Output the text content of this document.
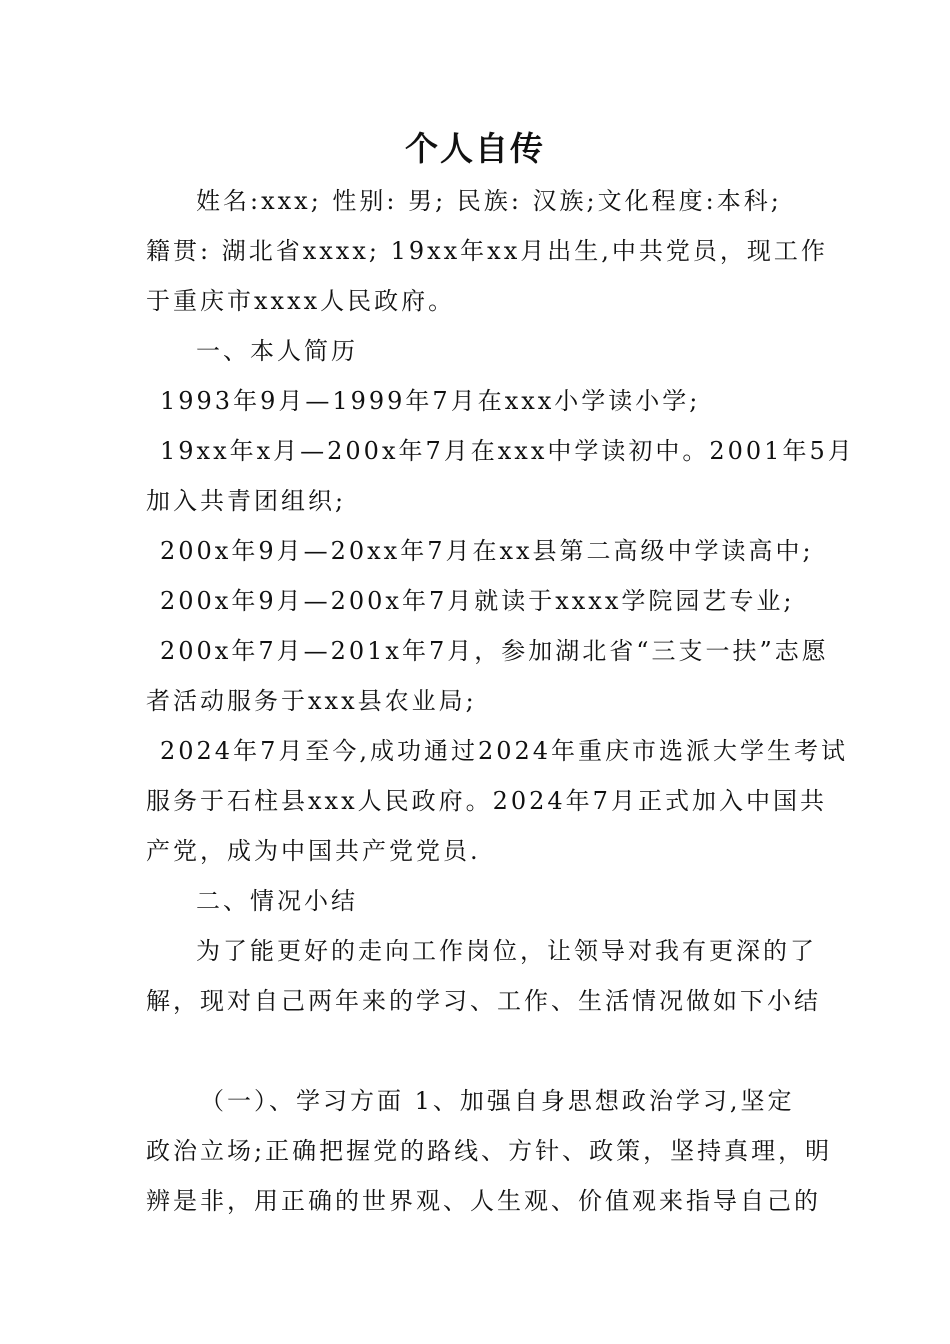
个人自传
姓名:xxx; 性别: 男; 民族: 汉族;文化程度:本科;
籍贯: 湖北省xxxx; 19xx年xx月出生,中共党员，现工作
于重庆市xxxx人民政府。
一、本人简历
1993年9月—1999年7月在xxx小学读小学;
19xx年x月—200x年7月在xxx中学读初中。2001年5月
加入共青团组织;
200x年9月—20xx年7月在xx县第二高级中学读高中;
200x年9月—200x年7月就读于xxxx学院园艺专业;
200x年7月—201x年7月，参加湖北省“三支一扶”志愿
者活动服务于xxx县农业局;
2024年7月至今,成功通过2024年重庆市选派大学生考试
服务于石柱县xxx人民政府。2024年7月正式加入中国共
产党，成为中国共产党党员.
二、情况小结
为了能更好的走向工作岗位，让领导对我有更深的了
解，现对自己两年来的学习、工作、生活情况做如下小结
（一）、学习方面 1、加强自身思想政治学习,坚定
政治立场;正确把握党的路线、方针、政策，坚持真理，明
辨是非，用正确的世界观、人生观、价值观来指导自己的
